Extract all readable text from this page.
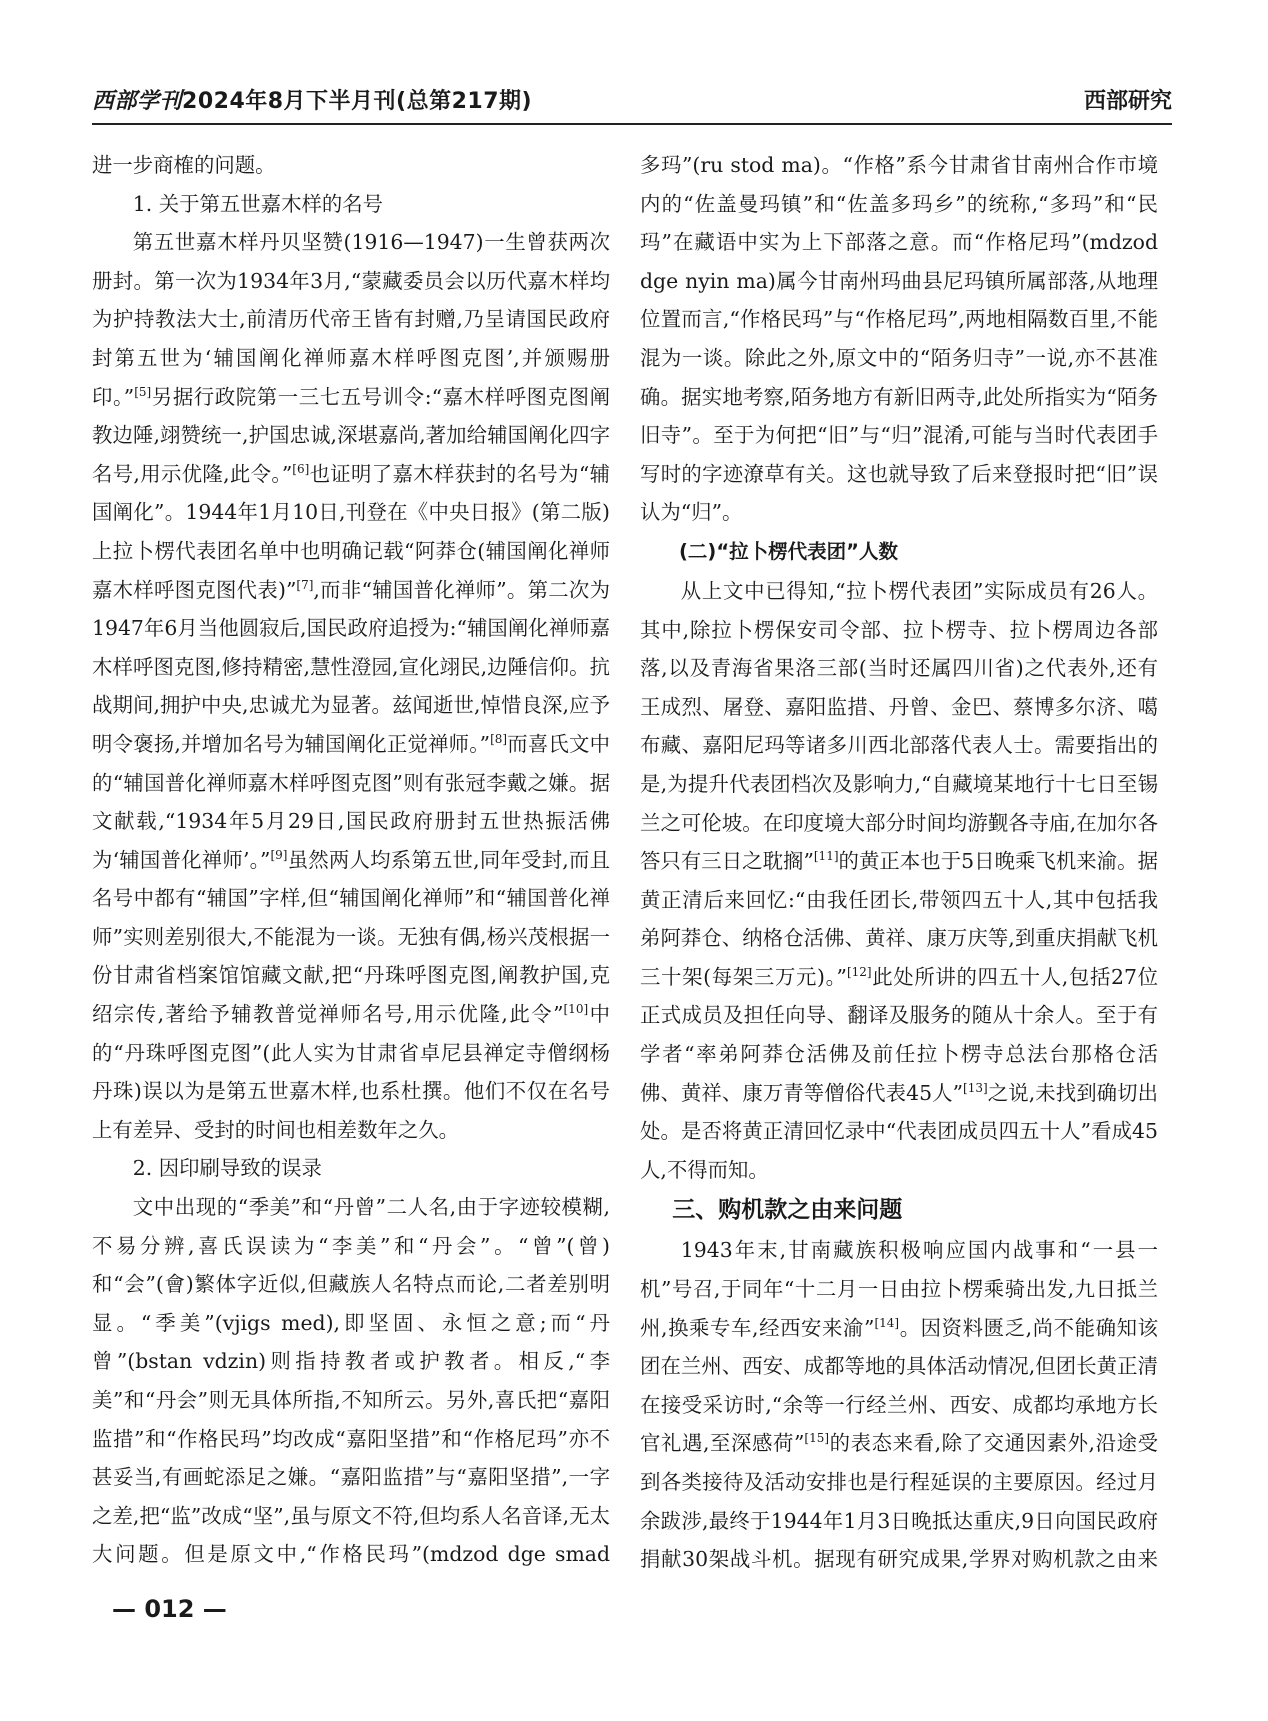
西部学刊2024年8月下半月刊(总第217期)	西部研究

进一步商榷的问题。

1. 关于第五世嘉木样的名号

第五世嘉木样丹贝坚赞(1916—1947)一生曾获两次册封。第一次为1934年3月,“蒙藏委员会以历代嘉木样均为护持教法大士,前清历代帝王皆有封赠,乃呈请国民政府封第五世为‘辅国阐化禅师嘉木样呼图克图’,并颁赐册印。”[5]另据行政院第一三七五号训令:“嘉木样呼图克图阐教边陲,翊赞统一,护国忠诚,深堪嘉尚,著加给辅国阐化四字名号,用示优隆,此令。”[6]也证明了嘉木样获封的名号为“辅国阐化”。1944年1月10日,刊登在《中央日报》(第二版)上拉卜楞代表团名单中也明确记载“阿莽仓(辅国阐化禅师嘉木样呼图克图代表)”[7],而非“辅国普化禅师”。第二次为1947年6月当他圆寂后,国民政府追授为:“辅国阐化禅师嘉木样呼图克图,修持精密,慧性澄园,宣化翊民,边陲信仰。抗战期间,拥护中央,忠诚尤为显著。兹闻逝世,悼惜良深,应予明令褒扬,并增加名号为辅国阐化正觉禅师。”[8]而喜氏文中的“辅国普化禅师嘉木样呼图克图”则有张冠李戴之嫌。据文献载,“1934年5月29日,国民政府册封五世热振活佛为‘辅国普化禅师’。”[9]虽然两人均系第五世,同年受封,而且名号中都有“辅国”字样,但“辅国阐化禅师”和“辅国普化禅师”实则差别很大,不能混为一谈。无独有偶,杨兴茂根据一份甘肃省档案馆馆藏文献,把“丹珠呼图克图,阐教护国,克绍宗传,著给予辅教普觉禅师名号,用示优隆,此令”[10]中的“丹珠呼图克图”(此人实为甘肃省卓尼县禅定寺僧纲杨丹珠)误以为是第五世嘉木样,也系杜撰。他们不仅在名号上有差异、受封的时间也相差数年之久。

2. 因印刷导致的误录

文中出现的“季美”和“丹曾”二人名,由于字迹较模糊,不易分辨,喜氏误读为“李美”和“丹会”。“曾”(曾)和“会”(會)繁体字近似,但藏族人名特点而论,二者差别明显。“季美”(vjigs med),即坚固、永恒之意;而“丹曾”(bstan vdzin)则指持教者或护教者。相反,“李美”和“丹会”则无具体所指,不知所云。另外,喜氏把“嘉阳监措”和“作格民玛”均改成“嘉阳坚措”和“作格尼玛”亦不甚妥当,有画蛇添足之嫌。“嘉阳监措”与“嘉阳坚措”,一字之差,把“监”改成“坚”,虽与原文不符,但均系人名音译,无太大问题。但是原文中,“作格民玛”(mdzod dge smad

多玛”(ru stod ma)。“作格”系今甘肃省甘南州合作市境内的“佐盖曼玛镇”和“佐盖多玛乡”的统称,“多玛”和“民玛”在藏语中实为上下部落之意。而“作格尼玛”(mdzod dge nyin ma)属今甘南州玛曲县尼玛镇所属部落,从地理位置而言,“作格民玛”与“作格尼玛”,两地相隔数百里,不能混为一谈。除此之外,原文中的“陌务归寺”一说,亦不甚准确。据实地考察,陌务地方有新旧两寺,此处所指实为“陌务旧寺”。至于为何把“旧”与“归”混淆,可能与当时代表团手写时的字迹潦草有关。这也就导致了后来登报时把“旧”误认为“归”。

(二)“拉卜楞代表团”人数

从上文中已得知,“拉卜楞代表团”实际成员有26人。其中,除拉卜楞保安司令部、拉卜楞寺、拉卜楞周边各部落,以及青海省果洛三部(当时还属四川省)之代表外,还有王成烈、屠登、嘉阳监措、丹曾、金巴、蔡博多尔济、噶布藏、嘉阳尼玛等诸多川西北部落代表人士。需要指出的是,为提升代表团档次及影响力,“自藏境某地行十七日至锡兰之可伦坡。在印度境大部分时间均游觐各寺庙,在加尔各答只有三日之耽搁”[11]的黄正本也于5日晚乘飞机来渝。据黄正清后来回忆:“由我任团长,带领四五十人,其中包括我弟阿莽仓、纳格仓活佛、黄祥、康万庆等,到重庆捐献飞机三十架(每架三万元)。”[12]此处所讲的四五十人,包括27位正式成员及担任向导、翻译及服务的随从十余人。至于有学者“率弟阿莽仓活佛及前任拉卜楞寺总法台那格仓活佛、黄祥、康万青等僧俗代表45人”[13]之说,未找到确切出处。是否将黄正清回忆录中“代表团成员四五十人”看成45人,不得而知。

三、购机款之由来问题

1943年末,甘南藏族积极响应国内战事和“一县一机”号召,于同年“十二月一日由拉卜楞乘骑出发,九日抵兰州,换乘专车,经西安来渝”[14]。因资料匮乏,尚不能确知该团在兰州、西安、成都等地的具体活动情况,但团长黄正清在接受采访时,“余等一行经兰州、西安、成都均承地方长官礼遇,至深感荷”[15]的表态来看,除了交通因素外,沿途受到各类接待及活动安排也是行程延误的主要原因。经过月余跋涉,最终于1944年1月3日晚抵达重庆,9日向国民政府捐献30架战斗机。据现有研究成果,学界对购机款之由来

— 012 —
